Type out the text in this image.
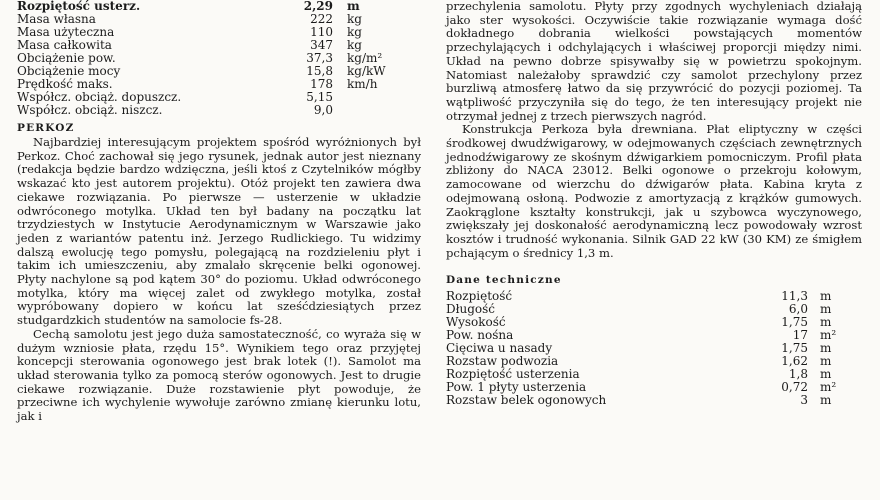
Rozpiętość usterz.	2,29	m
Masa własna	222	kg
Masa użyteczna	110	kg
Masa całkowita	347	kg
Obciążenie pow.	37,3	kg/m²
Obciążenie mocy	15,8	kg/kW
Prędkość maks.	178	km/h
Współcz. obciąż. dopuszcz.	5,15	
Współcz. obciąż. niszcz.	9,0	
PERKOZ

Najbardziej interesującym projektem spośród wyróżnionych był Perkoz. Choć zachował się jego rysunek, jednak autor jest nieznany (redakcja będzie bardzo wdzięczna, jeśli ktoś z Czytelników mógłby wskazać kto jest autorem projektu). Otóż projekt ten zawiera dwa ciekawe rozwiązania. Po pierwsze — usterzenie w układzie odwróconego motylka. Układ ten był badany na początku lat trzydziestych w Instytucie Aerodynamicznym w Warszawie jako jeden z wariantów patentu inż. Jerzego Rudlickiego. Tu widzimy dalszą ewolucję tego pomysłu, polegającą na rozdzieleniu płyt i takim ich umieszczeniu, aby zmalało skręcenie belki ogonowej. Płyty nachylone są pod kątem 30° do poziomu. Układ odwróconego motylka, który ma więcej zalet od zwykłego motylka, został wypróbowany dopiero w końcu lat sześćdziesiątych przez studgardzkich studentów na samolocie fs-28.

Cechą samolotu jest jego duża samostateczność, co wyraża się w dużym wzniosie płata, rzędu 15°. Wynikiem tego oraz przyjętej koncepcji sterowania ogonowego jest brak lotek (!). Samolot ma układ sterowania tylko za pomocą sterów ogonowych. Jest to drugie ciekawe rozwiązanie. Duże rozstawienie płyt powoduje, że przeciwne ich wychylenie wywołuje zarówno zmianę kierunku lotu, jak i

przechylenia samolotu. Płyty przy zgodnych wychyleniach działają jako ster wysokości. Oczywiście takie rozwiązanie wymaga dość dokładnego dobrania wielkości powstających momentów przechylających i odchylających i właściwej proporcji między nimi. Układ na pewno dobrze spisywałby się w powietrzu spokojnym. Natomiast należałoby sprawdzić czy samolot przechylony przez burzliwą atmosferę łatwo da się przywrócić do pozycji poziomej. Ta wątpliwość przyczyniła się do tego, że ten interesujący projekt nie otrzymał jednej z trzech pierwszych nagród.

Konstrukcja Perkoza była drewniana. Płat eliptyczny w części środkowej dwudźwigarowy, w odejmowanych częściach zewnętrznych jednodźwigarowy ze skośnym dźwigarkiem pomocniczym. Profil płata zbliżony do NACA 23012. Belki ogonowe o przekroju kołowym, zamocowane od wierzchu do dźwigarów płata. Kabina kryta z odejmowaną osłoną. Podwozie z amortyzacją z krążków gumowych. Zaokrąglone kształty konstrukcji, jak u szybowca wyczynowego, zwiększały jej doskonałość aerodynamiczną lecz powodowały wzrost kosztów i trudność wykonania. Silnik GAD 22 kW (30 KM) ze śmigłem pchającym o średnicy 1,3 m.

Dane techniczne
Rozpiętość	11,3	m
Długość	6,0	m
Wysokość	1,75	m
Pow. nośna	17	m²
Cięciwa u nasady	1,75	m
Rozstaw podwozia	1,62	m
Rozpiętość usterzenia	1,8	m
Pow. 1 płyty usterzenia	0,72	m²
Rozstaw belek ogonowych	3	m
